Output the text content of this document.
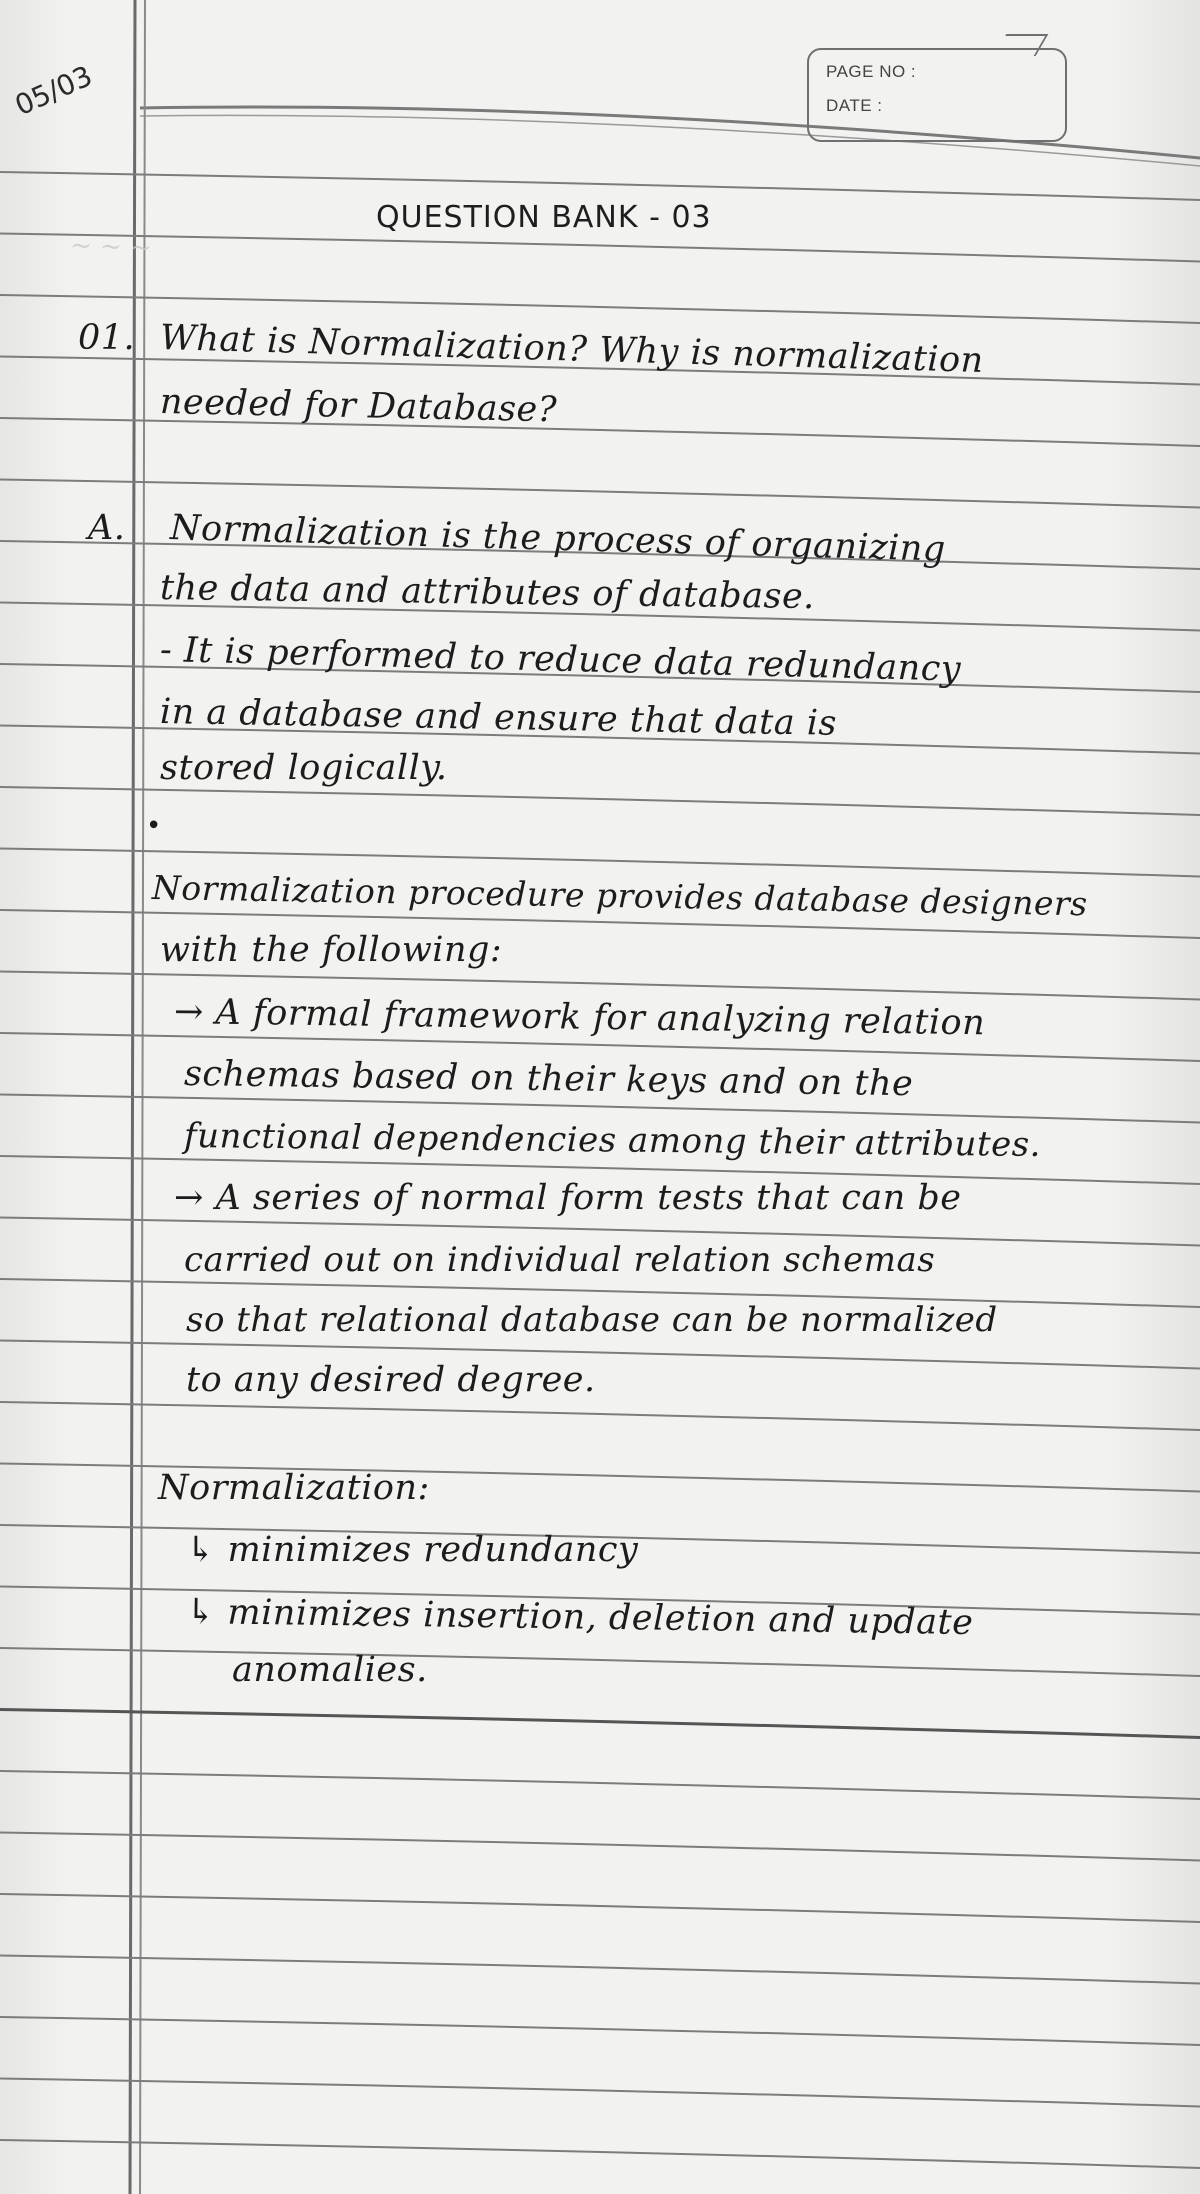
05/03	PAGE NO :
DATE :
~ ~ ~
QUESTION BANK - 03
01. What is Normalization? Why is normalization
needed for Database?
A. Normalization is the process of organizing
the data and attributes of database.
- It is performed to reduce data redundancy
in a database and ensure that data is
stored logically.
•
Normalization procedure provides database designers
with the following:
→ A formal framework for analyzing relation
schemas based on their keys and on the
functional dependencies among their attributes.
→ A series of normal form tests that can be
carried out on individual relation schemas
so that relational database can be normalized
to any desired degree.
Normalization:
↳ minimizes redundancy
↳ minimizes insertion, deletion and update
anomalies.
